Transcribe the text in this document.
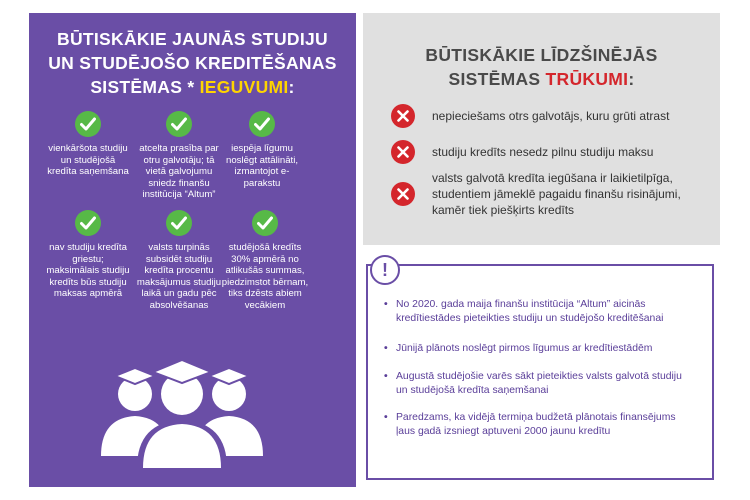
BŪTISKĀKIE JAUNĀS STUDIJU
UN STUDĒJOŠO KREDITĒŠANAS
SISTĒMAS * IEGUVUMI:
vienkāršota studiju un studējošā kredīta saņemšana
atcelta prasība par otru galvotāju; tā vietā galvojumu sniedz finanšu institūcija “Altum”
iespēja līgumu noslēgt attālināti, izmantojot e-parakstu
nav studiju kredīta griestu; maksimālais studiju kredīts būs studiju maksas apmērā
valsts turpinās subsidēt studiju kredīta procentu maksājumus studiju laikā un gadu pēc absolvēšanas
studējošā kredīts 30% apmērā no atlikušās summas, piedzimstot bērnam, tiks dzēsts abiem vecākiem
BŪTISKĀKIE LĪDZŠINĒJĀS
SISTĒMAS TRŪKUMI:
nepieciešams otrs galvotājs, kuru grūti atrast
studiju kredīts nesedz pilnu studiju maksu
valsts galvotā kredīta iegūšana ir laikietilpīga, studentiem jāmeklē pagaidu finanšu risinājumi, kamēr tiek piešķirts kredīts
• No 2020. gada maija finanšu institūcija “Altum” aicinās kredītiestādes pieteikties studiju un studējošo kreditēšanai
• Jūnijā plānots noslēgt pirmos līgumus ar kredītiestādēm
• Augustā studējošie varēs sākt pieteikties valsts galvotā studiju un studējošā kredīta saņemšanai
• Paredzams, ka vidējā termiņa budžetā plānotais finansējums ļaus gadā izsniegt aptuveni 2000 jaunu kredītu
!
